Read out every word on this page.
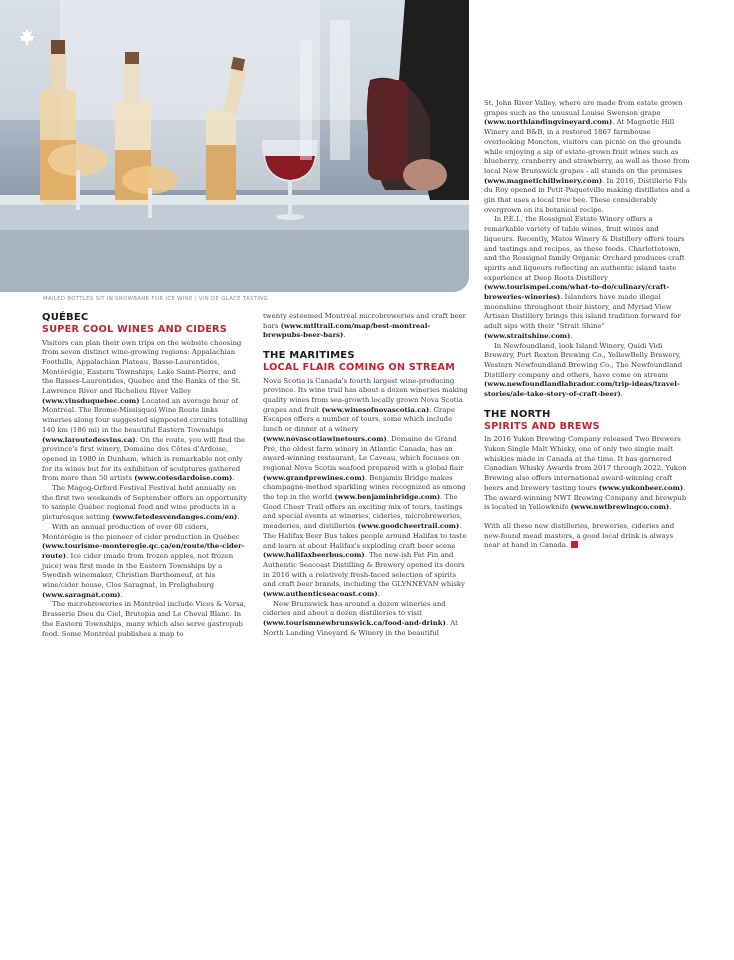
MAILED BOTTLES SIT IN SNOWBANK FOR ICE WINE / VIN DE GLACE TASTING
QUÉBEC
SUPER COOL WINES AND CIDERS

Visitors can plan their own trips on the website choosing from seven distinct wine-growing regions: Appalachian Foothills, Appalachian Plateau, Basse-Laurentides, Montérégie, Eastern Townships, Lake Saint-Pierre, and the Basses-Laurentides, Quebec and the Banks of the St. Lawrence River and Richelieu River Valley (www.vinsduquebec.com) Located an average hour of Montréal. The Brome-Missisquoi Wine Route links wineries along four suggested signposted circuits totalling 140 km (186 mi) in the beautiful Eastern Townships (www.laroutedesvins.ca). On the route, you will find the province's first winery, Domaine des Côtes d'Ardoise, opened in 1980 in Dunham, which is remarkable not only for its wines but for its exhibition of sculptures gathered from more than 50 artists (www.cotesdardoise.com).

The Magog-Orford Festival Festival held annually on the first two weekends of September offers an opportunity to sample Québec regional food and wine products in a picturesque setting (www.fetedesvendanges.com/en).

With an annual production of over 60 ciders, Montérégie is the pioneer of cider production in Québec (www.tourisme-monteregie.qc.ca/en/route/the-cider-route). Ice cider (made from frozen apples, not frozen juice) was first made in the Eastern Townships by a Swedish winemaker, Christian Barthomeuf, at his wine/cider house, Clos Saragnat, in Frelighsburg (www.saragnat.com).

The microbreweries in Montréal include Vices & Versa, Brasserie Dieu du Ciel, Brutopia and Le Cheval Blanc. In the Eastern Townships, many which also serve gastropub food. Some Montréal publishes a map to

twenty esteemed Montréal microbreweries and craft beer bars (www.mtltrail.com/map/best-montreal-brewpubs-beer-bars).

THE MARITIMES
LOCAL FLAIR COMING ON STREAM

Nova Scotia is Canada's fourth largest wine-producing province. Its wine trail has about a dozen wineries making quality wines from sea-growth locally grown Nova Scotia grapes and fruit (www.winesofnovascotia.ca). Grape Escapes offers a number of tours, some which include lunch or dinner at a winery (www.novascotiawinetours.com). Domaine de Grand Pré, the oldest farm winery in Atlantic Canada, has an award-winning restaurant, Le Caveau, which focuses on regional Nova Scotia seafood prepared with a global flair (www.grandprewines.com). Benjamin Bridge makes champagne-method sparkling wines recognized as among the top in the world (www.benjaminbridge.com). The Good Cheer Trail offers an exciting mix of tours, tastings and special events at wineries, cideries, microbreweries, meaderies, and distilleries (www.goodcheertrail.com). The Halifax Beer Bus takes people around Halifax to taste and learn at about Halifax's exploding craft beer scene (www.halifaxbeerbus.com). The new-ish Fat Fin and Authentic Seacoast Distilling & Brewery opened its doors in 2016 with a relatively fresh-faced selection of spirits and craft beer brands, including the GLYNNEVAN whisky (www.authenticseacoast.com).

New Brunswick has around a dozen wineries and cideries and about a dozen distilleries to visit (www.tourismnewbrunswick.ca/food-and-drink). At North Landing Vineyard & Winery in the beautiful

St. John River Valley, where are made from estate grown grapes such as the unusual Louise Swenson grape (www.northlandingvineyard.com). At Magnetic Hill Winery and B&B, in a restored 1867 farmhouse overlooking Moncton, visitors can picnic on the grounds while enjoying a sip of estate-grown fruit wines such as blueberry, cranberry and strawberry, as well as those from local New Brunswick grapes - all stands on the premises (www.magnetichillwinery.com). In 2016, Distillerie Fils du Roy opened in Petit-Paquetville making distillates and a gin that uses a local tree bee. These considerably overgrown on its botanical recipe.

In P.E.I., the Rossignol Estate Winery offers a remarkable variety of table wines, fruit wines and liqueurs. Recently, Matos Winery & Distillery offers tours and tastings and recipes, as these foods. Charlottetown, and the Rossignol family Organic Orchard produces craft spirits and liqueurs reflecting an authentic island taste experience at Deep Roots Distillery (www.tourismpei.com/what-to-do/culinary/craft-breweries-wineries). Islanders have made illegal moonshine throughout their history, and Myriad View Artisan Distillery brings this island tradition forward for adult sips with their "Strait Shine" (www.straitshine.com).

In Newfoundland, look Island Winery, Quidi Vidi Brewery, Port Rexton Brewing Co., YellowBelly Brewery, Western Newfoundland Brewing Co., The Newfoundland Distillery company and others, have come on stream (www.newfoundlandlabrador.com/trip-ideas/travel-stories/ale-take-story-of-craft-beer).

THE NORTH
SPIRITS AND BREWS

In 2016 Yukon Brewing Company released Two Brewers Yukon Single Malt Whisky, one of only two single malt whiskies made in Canada at the time. It has garnered Canadian Whisky Awards from 2017 through 2022. Yukon Brewing also offers international award-winning craft beers and brewery tasting tours (www.yukonbeer.com). The award-winning NWT Brewing Company and brewpub is located in Yellowknife (www.nwtbrewingco.com).

With all these new distilleries, breweries, cideries and new-found mead masters, a good local drink is always near at hand in Canada.
